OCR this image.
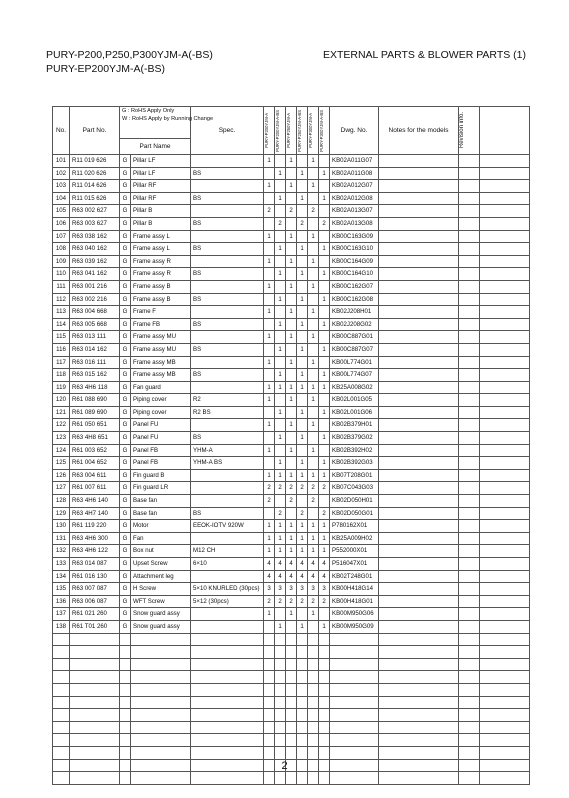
PURY-P200,P250,P300YJM-A(-BS)
PURY-EP200YJM-A(-BS)
EXTERNAL PARTS & BLOWER PARTS (1)
No.	Part No.	G : RoHS Apply Only
W : RoHS Apply by Running Change		Spec.	PURY-P200YJM-A	PURY-P200YJM-A-BS	PURY-P250YJM-A	PURY-P250YJM-A-BS	PURY-P300YJM-A	PURY-P300YJM-A-BS	Dwg. No.	Notes for the models	Revision info.	

		Part Name												
101	R11 019 626	G	Pillar LF		1		1		1		KB02A011G07			
102	R11 020 626	G	Pillar LF	BS		1		1		1	KB02A011G08			
103	R11 014 626	G	Pillar RF		1		1		1		KB02A012G07			
104	R11 015 626	G	Pillar RF	BS		1		1		1	KB02A012G08			
105	R63 002 627	G	Pillar B		2		2		2		KB02A013G07			
106	R63 003 627	G	Pillar B	BS		2		2		2	KB02A013G08			
107	R63 038 162	G	Frame assy L		1		1		1		KB00C163G09			
108	R63 040 162	G	Frame assy L	BS		1		1		1	KB00C163G10			
109	R63 039 162	G	Frame assy R		1		1		1		KB00C164G09			
110	R63 041 162	G	Frame assy R	BS		1		1		1	KB00C164G10			
111	R63 001 216	G	Frame assy B		1		1		1		KB00C162G07			
112	R63 002 216	G	Frame assy B	BS		1		1		1	KB00C162G08			
113	R63 004 668	G	Frame F		1		1		1		KB02J208H01			
114	R63 005 668	G	Frame FB	BS		1		1		1	KB02J208G02			
115	R63 013 111	G	Frame assy MU		1		1		1		KB00C887G01			
116	R63 014 162	G	Frame assy MU	BS		1		1		1	KB00C887G07			
117	R63 016 111	G	Frame assy MB		1		1		1		KB00L774G01			
118	R63 015 162	G	Frame assy MB	BS		1		1		1	KB00L774G07			
119	R63 4H6 118	G	Fan guard		1	1	1	1	1	1	KB25A008G02			
120	R61 088 690	G	Piping cover	R2	1		1		1		KB02L001G05			
121	R61 089 690	G	Piping cover	R2 BS		1		1		1	KB02L001G06			
122	R61 050 651	G	Panel FU		1		1		1		KB02B379H01			
123	R63 4H8 651	G	Panel FU	BS		1		1		1	KB02B379G02			
124	R61 003 652	G	Panel FB	YHM-A	1		1		1		KB02B392H02			
125	R61 004 652	G	Panel FB	YHM-A BS		1		1		1	KB02B392G03			
126	R63 004 611	G	Fin guard B		1	1	1	1	1	1	KB07T208G01			
127	R61 007 611	G	Fin guard LR		2	2	2	2	2	2	KB07C043G03			
128	R63 4H6 140	G	Base fan		2		2		2		KB02D050H01			
129	R63 4H7 140	G	Base fan	BS		2		2		2	KB02D050G01			
130	R61 119 220	G	Motor	EEOK-IOTV 920W	1	1	1	1	1	1	P780162X01			
131	R63 4H6 300	G	Fan		1	1	1	1	1	1	KB25A009H02			
132	R63 4H6 122	G	Box nut	M12 CH	1	1	1	1	1	1	P552000X01			
133	R63 014 087	G	Upset Screw	6×10	4	4	4	4	4	4	P516047X01			
134	R61 016 130	G	Attachment leg		4	4	4	4	4	4	KB02T248G01			
135	R63 007 087	G	H Screw	5×10 KNURLED (30pcs)	3	3	3	3	3	3	KB00H418G14			
136	R63 006 087	G	WFT Screw	5×12 (30pcs)	2	2	2	2	2	2	KB00H418G01			
137	R61 021 260	G	Snow guard assy		1		1		1		KB00M950G06			
138	R61 T01 260	G	Snow guard assy			1		1		1	KB00M950G09			

2
